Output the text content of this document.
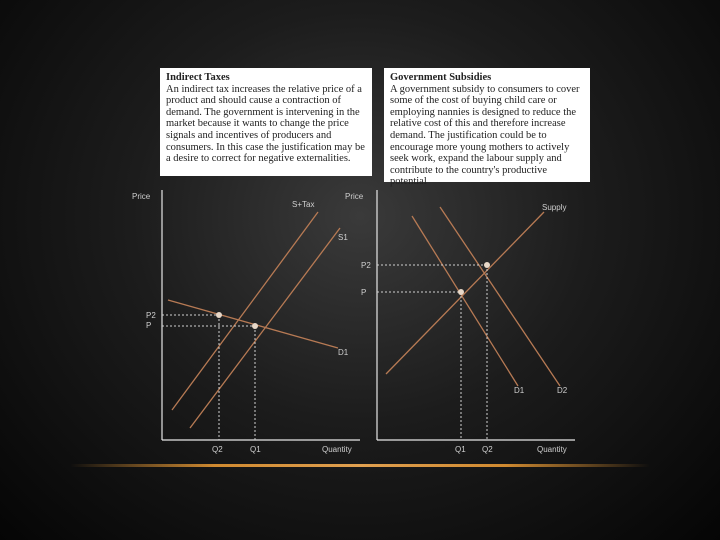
Indirect Taxes
An indirect tax increases the relative price of a product and should cause a contraction of demand. The government is intervening in the market because it wants to change the price signals and incentives of producers and consumers. In this case the justification may be a desire to correct for negative externalities.
Government Subsidies
A government subsidy to consumers to cover some of the cost of buying child care or employing nannies is designed to reduce the relative cost of this and therefore increase demand. The justification could be to encourage more young mothers to actively seek work, expand the labour supply and contribute to the country's productive potential
Price
Quantity
S+Tax
S1
D1
P2
P
Q2	Q1
Price
Quantity
Supply
D1	D2
P2
P
Q1 Q2
